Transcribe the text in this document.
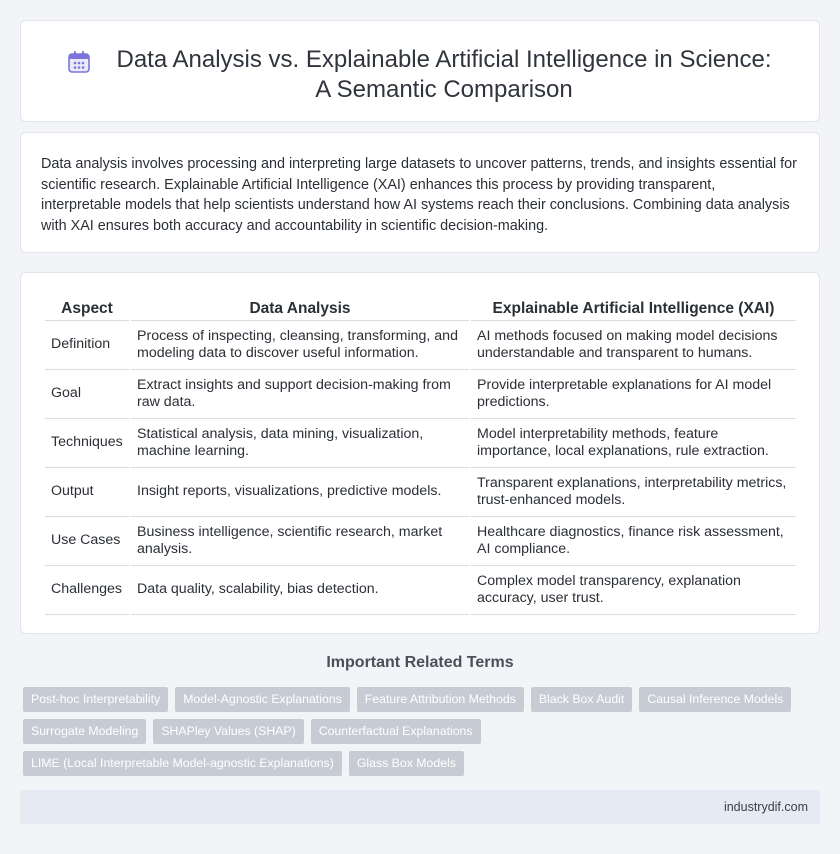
Data Analysis vs. Explainable Artificial Intelligence in Science: A Semantic Comparison

Data analysis involves processing and interpreting large datasets to uncover patterns, trends, and insights essential for scientific research. Explainable Artificial Intelligence (XAI) enhances this process by providing transparent, interpretable models that help scientists understand how AI systems reach their conclusions. Combining data analysis with XAI ensures both accuracy and accountability in scientific decision-making.

Aspect	Data Analysis	Explainable Artificial Intelligence (XAI)
Definition	Process of inspecting, cleansing, transforming, and modeling data to discover useful information.	AI methods focused on making model decisions understandable and transparent to humans.
Goal	Extract insights and support decision-making from raw data.	Provide interpretable explanations for AI model predictions.
Techniques	Statistical analysis, data mining, visualization, machine learning.	Model interpretability methods, feature importance, local explanations, rule extraction.
Output	Insight reports, visualizations, predictive models.	Transparent explanations, interpretability metrics, trust-enhanced models.
Use Cases	Business intelligence, scientific research, market analysis.	Healthcare diagnostics, finance risk assessment, AI compliance.
Challenges	Data quality, scalability, bias detection.	Complex model transparency, explanation accuracy, user trust.
Important Related Terms
Post-hoc Interpretability	Model-Agnostic Explanations	Feature Attribution Methods	Black Box Audit	Causal Inference Models
Surrogate Modeling	SHAPley Values (SHAP)	Counterfactual Explanations
LIME (Local Interpretable Model-agnostic Explanations)	Glass Box Models
industrydif.com
